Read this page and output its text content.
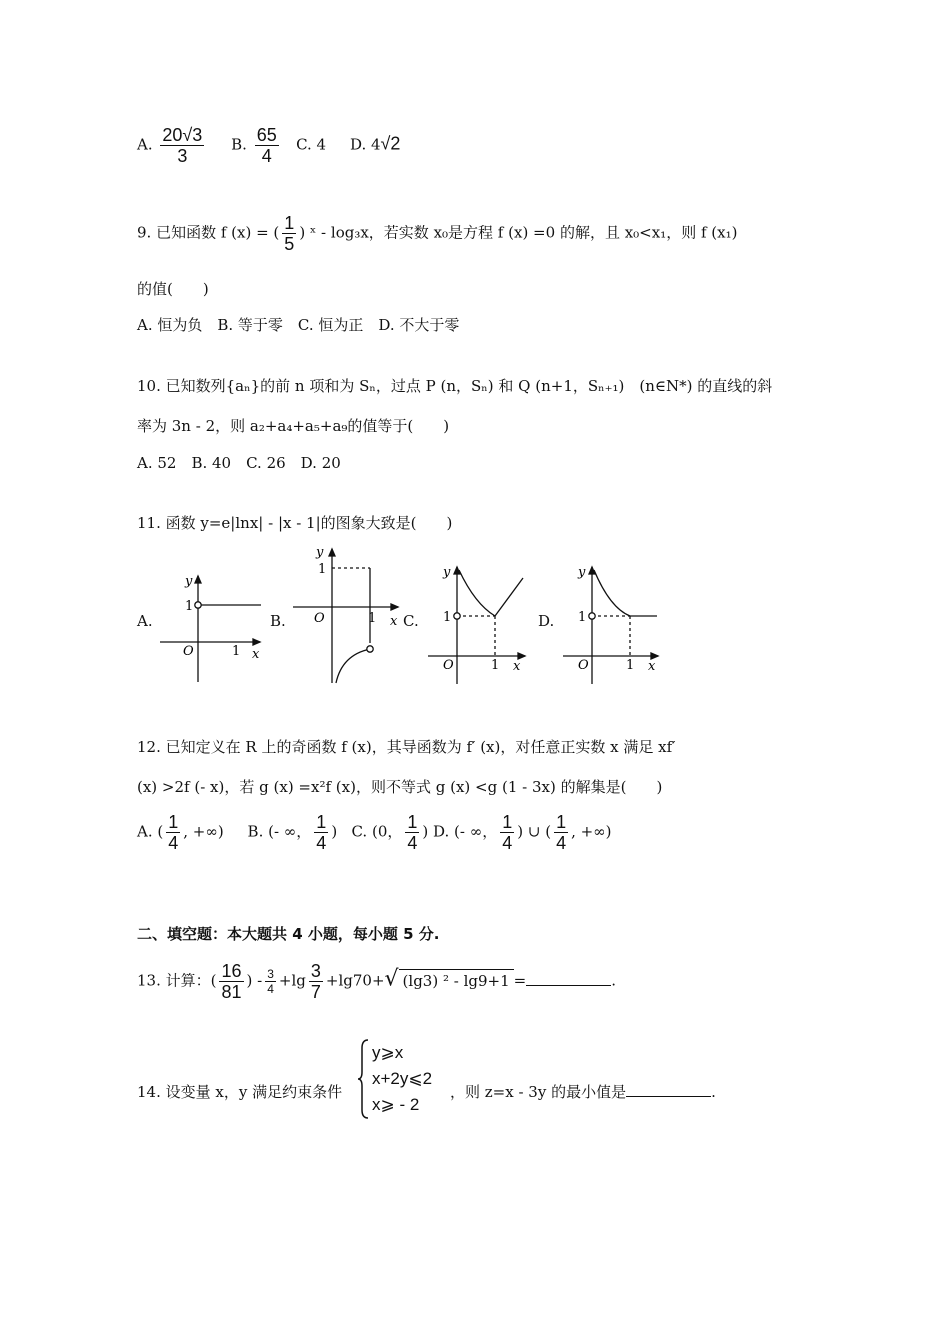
A. $\frac{20√3}{3} B$. $\frac{65}{4} C$. 4 D. 4√2
9. 已知函数 f (x) = ( $\frac{1}{5}$ ) ˣ - log₃x，若实数 x₀是方程 f (x) =0 的解，且 x₀<x₁，则 f (x₁)
的值(　　)
A. 恒为负　B. 等于零　C. 恒为正　D. 不大于零
10. 已知数列{aₙ}的前 n 项和为 Sₙ，过点 P (n，Sₙ) 和 Q (n+1，Sₙ₊₁)　(n∈N*) 的直线的斜
率为 3n - 2，则 a₂+a₄+a₅+a₉的值等于(　　)
A. 52　B. 40　C. 26　D. 20
11. 函数 y=e|lnx| - |x - 1|的图象大致是(　　)
A.	B.	C.	D.
y
1
O	1 x
y
1
O	1 x
y
1
O	1 x
y
1
O	1 x
12. 已知定义在 R 上的奇函数 f (x)，其导函数为 f′ (x)，对任意正实数 x 满足 xf′
(x) >2f (- x)，若 g (x) =x²f (x)，则不等式 g (x) <g (1 - 3x) 的解集是(　　)
A. ( $\frac{1}{4}$ , +∞) B. (- ∞， $\frac{1}{4}$ ) C. (0， $\frac{1}{4}$ ) D. (- ∞， $\frac{1}{4}$ ) ∪ ( $\frac{1}{4}$ , +∞)
二、填空题：本大题共 4 小题，每小题 5 分.
13. 计算：( $\frac{16}{81}$ ) - $\frac{3}{4} +\lg \frac{3}{7} +\lg 70+√$ (lg3) ² - lg9+1 =	.
14. 设变量 x，y 满足约束条件
y⩾x
x+2y⩽2
x⩾ - 2
，则 z=x - 3y 的最小值是	.
